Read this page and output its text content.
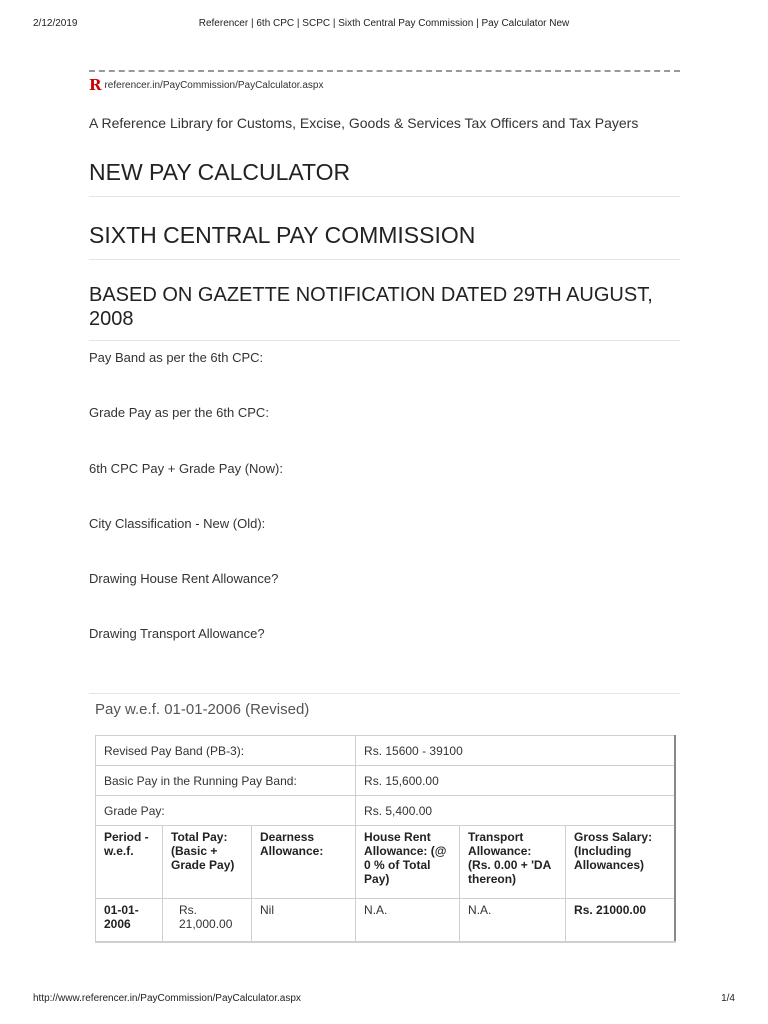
2/12/2019	Referencer | 6th CPC | SCPC | Sixth Central Pay Commission | Pay Calculator New
R referencer.in/PayCommission/PayCalculator.aspx
A Reference Library for Customs, Excise, Goods & Services Tax Officers and Tax Payers
NEW PAY CALCULATOR
SIXTH CENTRAL PAY COMMISSION
BASED ON GAZETTE NOTIFICATION DATED 29TH AUGUST, 2008
Pay Band as per the 6th CPC:
Grade Pay as per the 6th CPC:
6th CPC Pay + Grade Pay (Now):
City Classification - New (Old):
Drawing House Rent Allowance?
Drawing Transport Allowance?
Pay w.e.f. 01-01-2006 (Revised)
Revised Pay Band (PB-3):			Rs. 15600 - 39100		
Basic Pay in the Running Pay Band:			Rs. 15,600.00		
Grade Pay:			Rs. 5,400.00		
Period - w.e.f.	Total Pay: (Basic + Grade Pay)	Dearness Allowance:	House Rent Allowance: (@ 0 % of Total Pay)	Transport Allowance: (Rs. 0.00 + 'DA thereon)	Gross Salary: (Including Allowances)
01-01-2006	Rs. 21,000.00	Nil	N.A.	N.A.	Rs. 21000.00
http://www.referencer.in/PayCommission/PayCalculator.aspx	1/4
